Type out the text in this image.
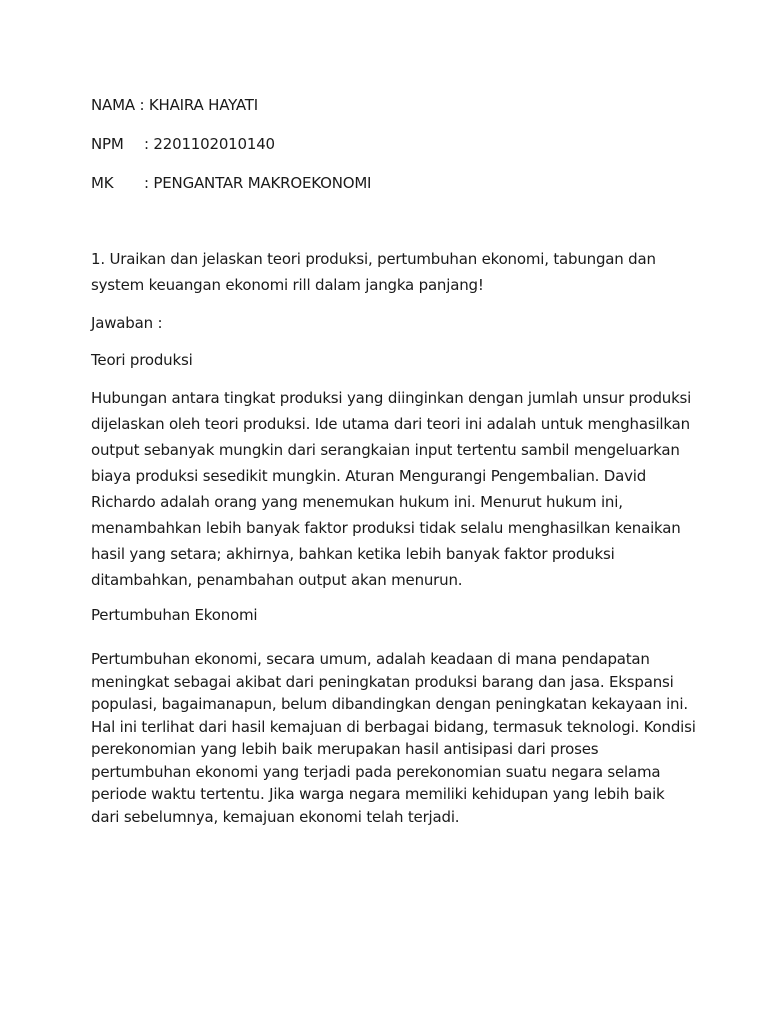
NAMA : KHAIRA HAYATI
NPM : 2201102010140
MK : PENGANTAR MAKROEKONOMI
1. Uraikan dan jelaskan teori produksi, pertumbuhan ekonomi, tabungan dan
system keuangan ekonomi rill dalam jangka panjang!
Jawaban :
Teori produksi
Hubungan antara tingkat produksi yang diinginkan dengan jumlah unsur produksi
dijelaskan oleh teori produksi. Ide utama dari teori ini adalah untuk menghasilkan
output sebanyak mungkin dari serangkaian input tertentu sambil mengeluarkan
biaya produksi sesedikit mungkin. Aturan Mengurangi Pengembalian. David
Richardo adalah orang yang menemukan hukum ini. Menurut hukum ini,
menambahkan lebih banyak faktor produksi tidak selalu menghasilkan kenaikan
hasil yang setara; akhirnya, bahkan ketika lebih banyak faktor produksi
ditambahkan, penambahan output akan menurun.
Pertumbuhan Ekonomi
Pertumbuhan ekonomi, secara umum, adalah keadaan di mana pendapatan
meningkat sebagai akibat dari peningkatan produksi barang dan jasa. Ekspansi
populasi, bagaimanapun, belum dibandingkan dengan peningkatan kekayaan ini.
Hal ini terlihat dari hasil kemajuan di berbagai bidang, termasuk teknologi. Kondisi
perekonomian yang lebih baik merupakan hasil antisipasi dari proses
pertumbuhan ekonomi yang terjadi pada perekonomian suatu negara selama
periode waktu tertentu. Jika warga negara memiliki kehidupan yang lebih baik
dari sebelumnya, kemajuan ekonomi telah terjadi.
